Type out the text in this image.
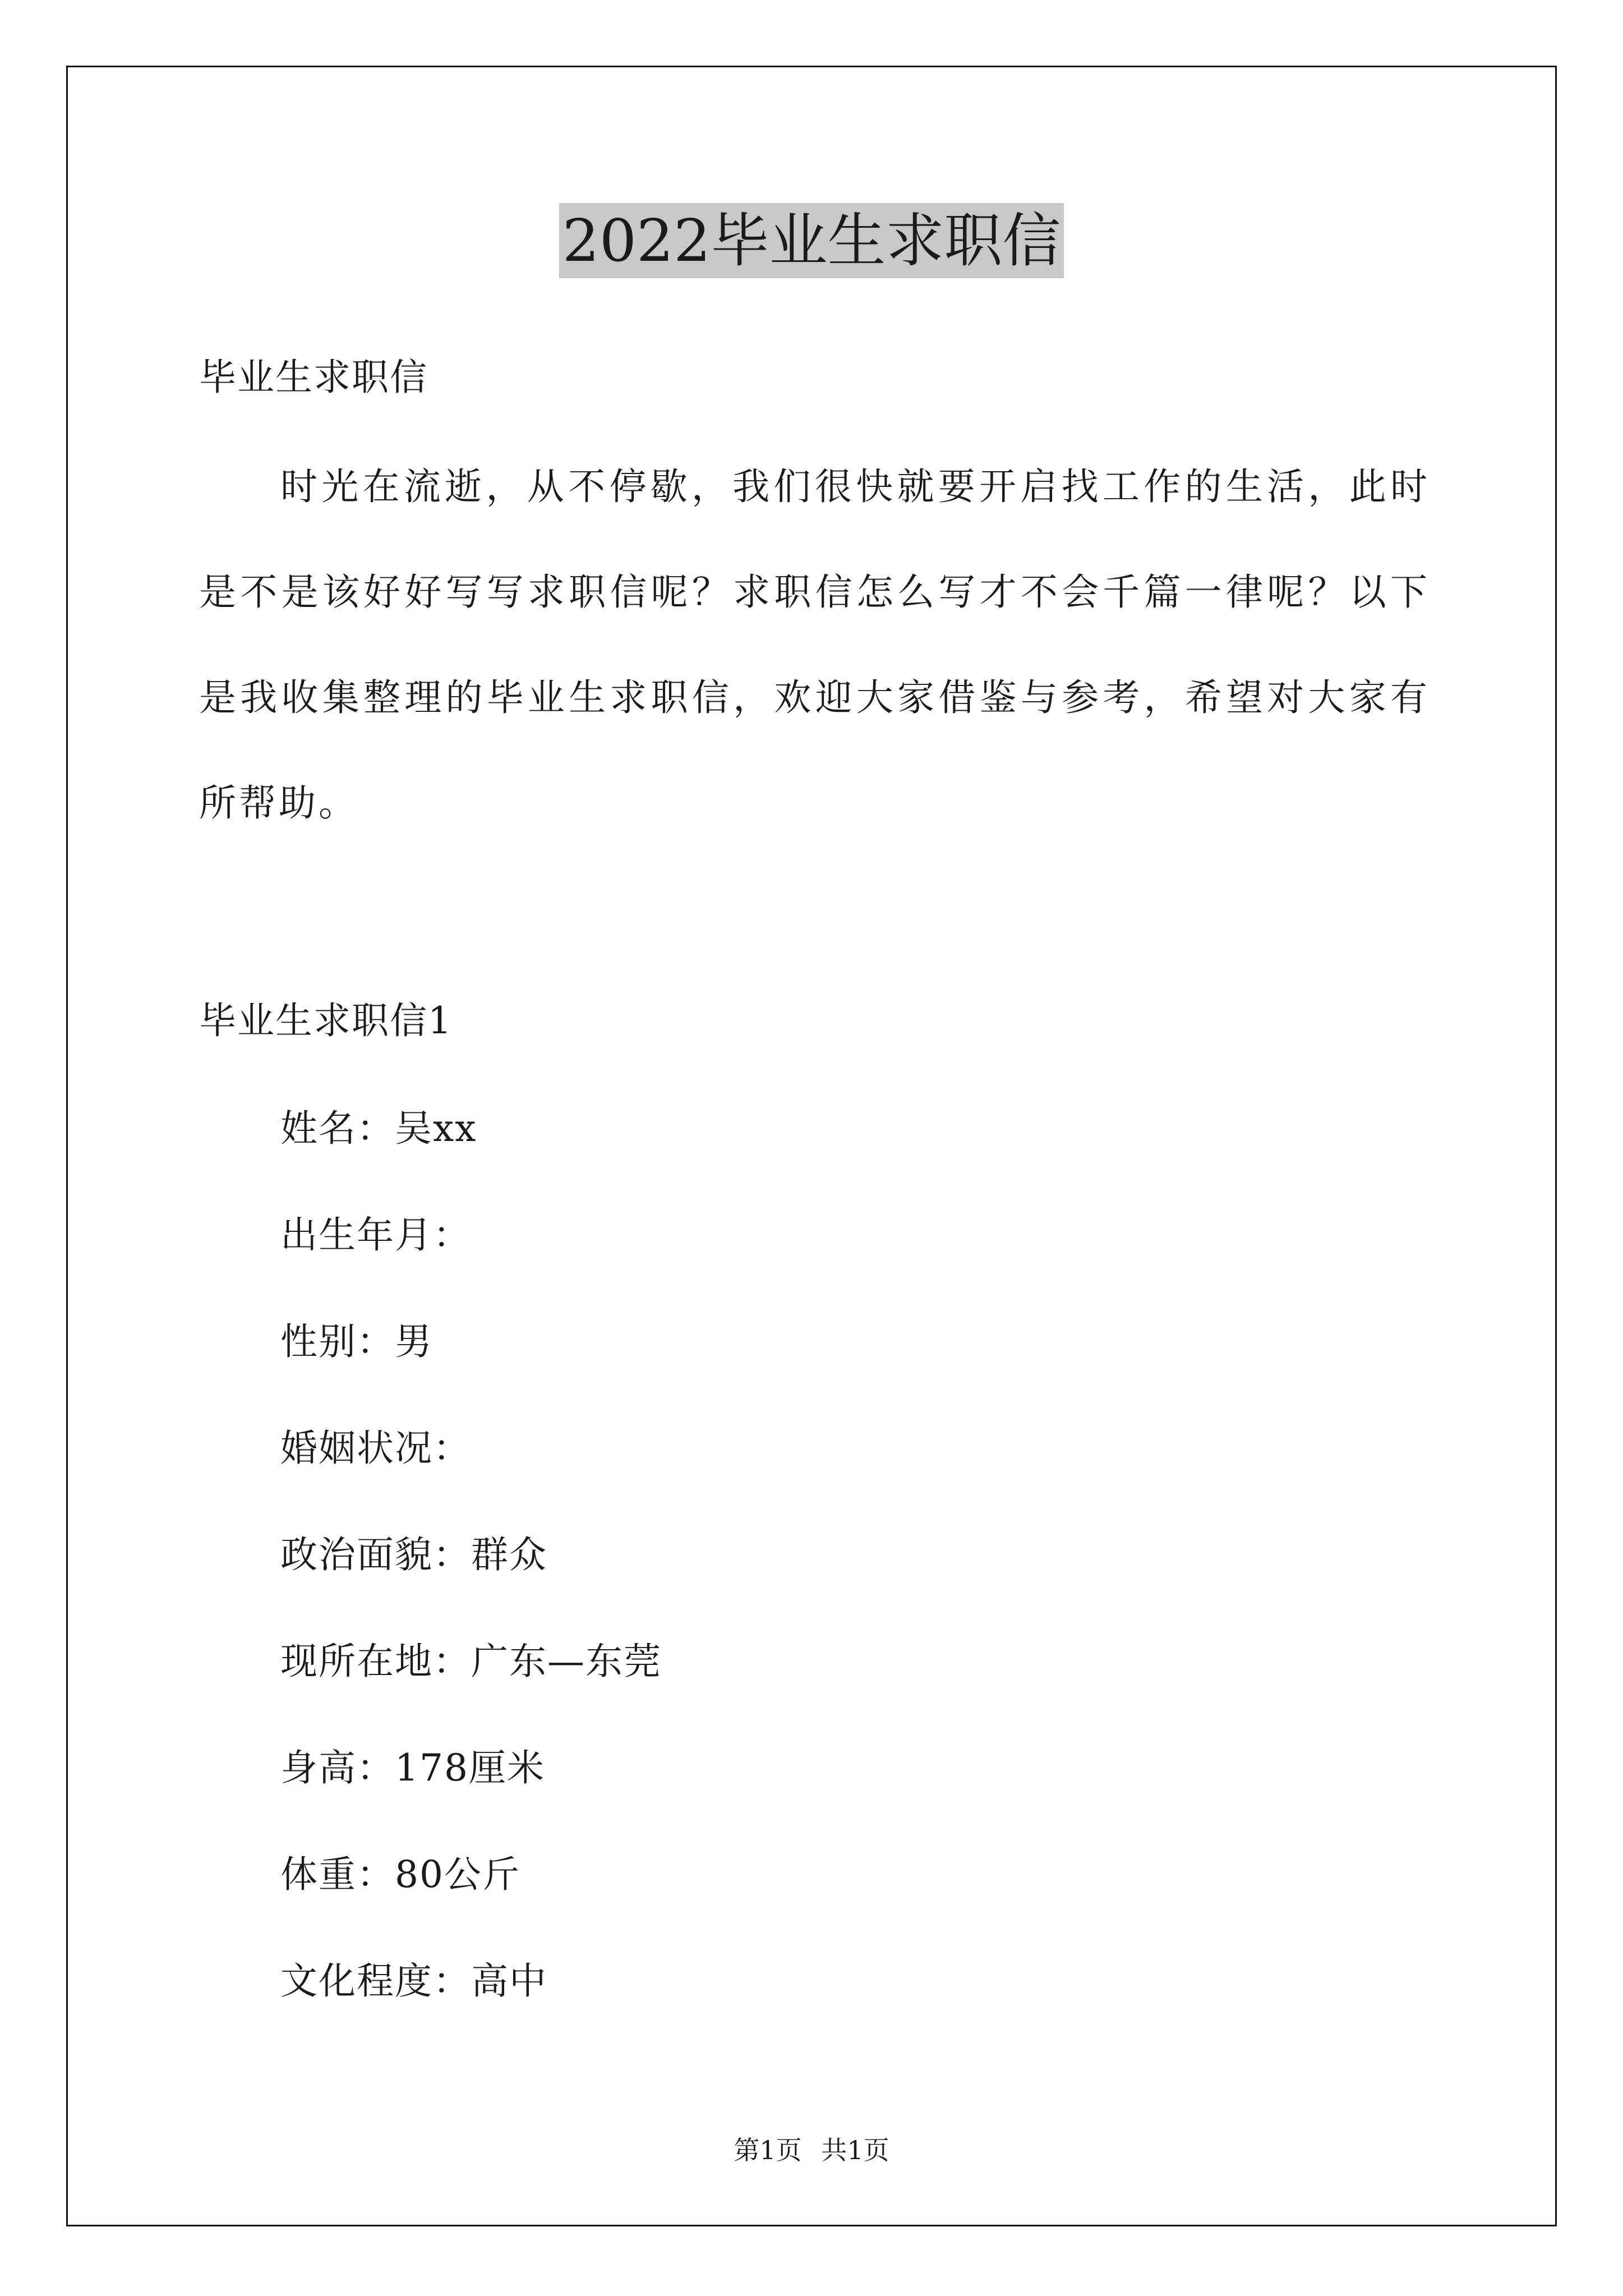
2022毕业生求职信
毕业生求职信

时光在流逝，从不停歇，我们很快就要开启找工作的生活，此时

是不是该好好写写求职信呢？求职信怎么写才不会千篇一律呢？以下

是我收集整理的毕业生求职信，欢迎大家借鉴与参考，希望对大家有

所帮助。

毕业生求职信1
姓名：吴xx
出生年月：
性别：男
婚姻状况：
政治面貌：群众
现所在地：广东—东莞
身高：178厘米
体重：80公斤
文化程度：高中
第1页 共1页
